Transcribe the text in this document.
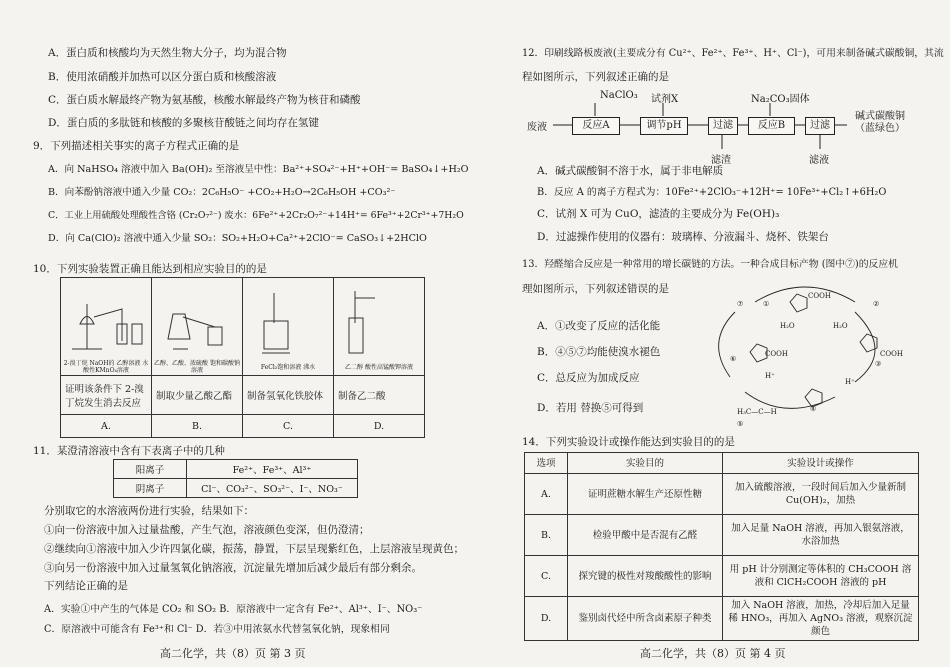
A．蛋白质和核酸均为天然生物大分子，均为混合物
B．使用浓硝酸并加热可以区分蛋白质和核酸溶液
C．蛋白质水解最终产物为氨基酸，核酸水解最终产物为核苷和磷酸
D．蛋白质的多肽链和核酸的多聚核苷酸链之间均存在氢键
9．下列描述相关事实的离子方程式正确的是
A．向 NaHSO₄ 溶液中加入 Ba(OH)₂ 至溶液呈中性：Ba²⁺+SO₄²⁻+H⁺+OH⁻= BaSO₄↓+H₂O
B．向苯酚钠溶液中通入少量 CO₂：2C₆H₅O⁻ +CO₂+H₂O→2C₆H₅OH +CO₃²⁻
C．工业上用硫酸处理酸性含铬 (Cr₂O₇²⁻) 废水：6Fe²⁺+2Cr₂O₇²⁻+14H⁺= 6Fe³⁺+2Cr³⁺+7H₂O
D．向 Ca(ClO)₂ 溶液中通入少量 SO₂：SO₂+H₂O+Ca²⁺+2ClO⁻= CaSO₃↓+2HClO
10．下列实验装置正确且能达到相应实验目的的是
2-溴丁烷 NaOH的 乙醇溶液 水 酸性KMnO₄溶液	乙醇、乙酸、浓硫酸 饱和碳酸钠溶液	FeCl₃饱和溶液 沸水	乙二醇 酸性高锰酸钾溶液

证明该条件下 2-溴丁烷发生消去反应	制取少量乙酸乙酯	制备氢氧化铁胶体	制备乙二酸
A.	B.	C.	D.
11．某澄清溶液中含有下表离子中的几种
阳离子	Fe²⁺、Fe³⁺、Al³⁺
阴离子	Cl⁻、CO₃²⁻、SO₃²⁻、I⁻、NO₃⁻
分别取它的水溶液两份进行实验，结果如下：
①向一份溶液中加入过量盐酸，产生气泡，溶液颜色变深，但仍澄清；
②继续向①溶液中加入少许四氯化碳，振荡，静置，下层呈现紫红色，上层溶液呈现黄色；
③向另一份溶液中加入过量氢氧化钠溶液，沉淀量先增加后减少最后有部分剩余。
下列结论正确的是
A．实验①中产生的气体是 CO₂ 和 SO₂ B．原溶液中一定含有 Fe²⁺、Al³⁺、I⁻、NO₃⁻
C．原溶液中可能含有 Fe³⁺和 Cl⁻ D．若③中用浓氨水代替氢氧化钠，现象相同
高二化学，共（8）页 第 3 页
12．印刷线路板废液(主要成分有 Cu²⁺、Fe²⁺、Fe³⁺、H⁺、Cl⁻)，可用来制备碱式碳酸铜，其流
程如图所示，下列叙述正确的是
NaClO₃ 试剂X	Na₂CO₃固体
废液	反应A	调节pH	过滤	反应B	过滤
碱式碳酸铜（蓝绿色）
滤渣	滤液
A．碱式碳酸铜不溶于水，属于非电解质
B．反应 A 的离子方程式为：10Fe²⁺+2ClO₃⁻+12H⁺= 10Fe³⁺+Cl₂↑+6H₂O
C．试剂 X 可为 CuO，滤渣的主要成分为 Fe(OH)₃
D．过滤操作使用的仪器有：玻璃棒、分液漏斗、烧杯、铁架台
13．羟醛缩合反应是一种常用的增长碳链的方法。一种合成目标产物 (图中⑦)的反应机
理如图所示，下列叙述错误的是
A．①改变了反应的活化能
B．④⑤⑦均能使溴水褪色
C．总反应为加成反应
D．若用 替换⑤可得到
COOH
COOH	COOH
H₂O	H₂O
H⁺
H⁺
H₃C—C—H
①	②
③
④
⑤
⑥
⑦
14．下列实验设计或操作能达到实验目的的是
选项	实验目的	实验设计或操作
A.	证明蔗糖水解生产还原性糖	加入硫酸溶液，一段时间后加入少量新制 Cu(OH)₂，加热
B.	检验甲酸中是否混有乙醛	加入足量 NaOH 溶液，再加入银氨溶液，水浴加热
C.	探究键的极性对羧酸酸性的影响	用 pH 计分别测定等体积的 CH₃COOH 溶液和 ClCH₂COOH 溶液的 pH
D.	鉴别卤代烃中所含卤素原子种类	加入 NaOH 溶液，加热，冷却后加入足量稀 HNO₃，再加入 AgNO₃ 溶液，观察沉淀颜色
高二化学，共（8）页 第 4 页
